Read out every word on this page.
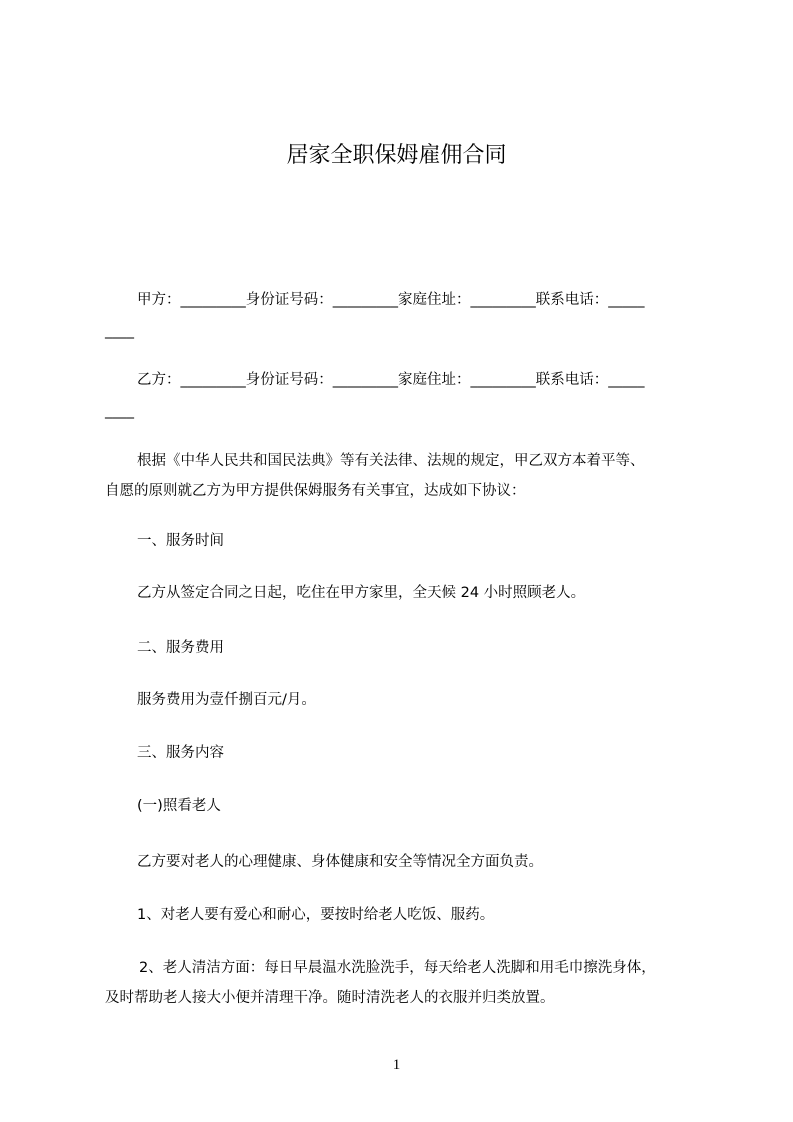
居家全职保姆雇佣合同
甲方：_________身份证号码：_________家庭住址：_________联系电话：_____
____
乙方：_________身份证号码：_________家庭住址：_________联系电话：_____
____
根据《中华人民共和国民法典》等有关法律、法规的规定，甲乙双方本着平等、
自愿的原则就乙方为甲方提供保姆服务有关事宜，达成如下协议：
一、服务时间
乙方从签定合同之日起，吃住在甲方家里，全天候 24 小时照顾老人。
二、服务费用
服务费用为壹仟捌百元/月。
三、服务内容
(一)照看老人
乙方要对老人的心理健康、身体健康和安全等情况全方面负责。
1、对老人要有爱心和耐心，要按时给老人吃饭、服药。
2、老人清洁方面：每日早晨温水洗脸洗手，每天给老人洗脚和用毛巾擦洗身体，
及时帮助老人接大小便并清理干净。随时清洗老人的衣服并归类放置。
1
